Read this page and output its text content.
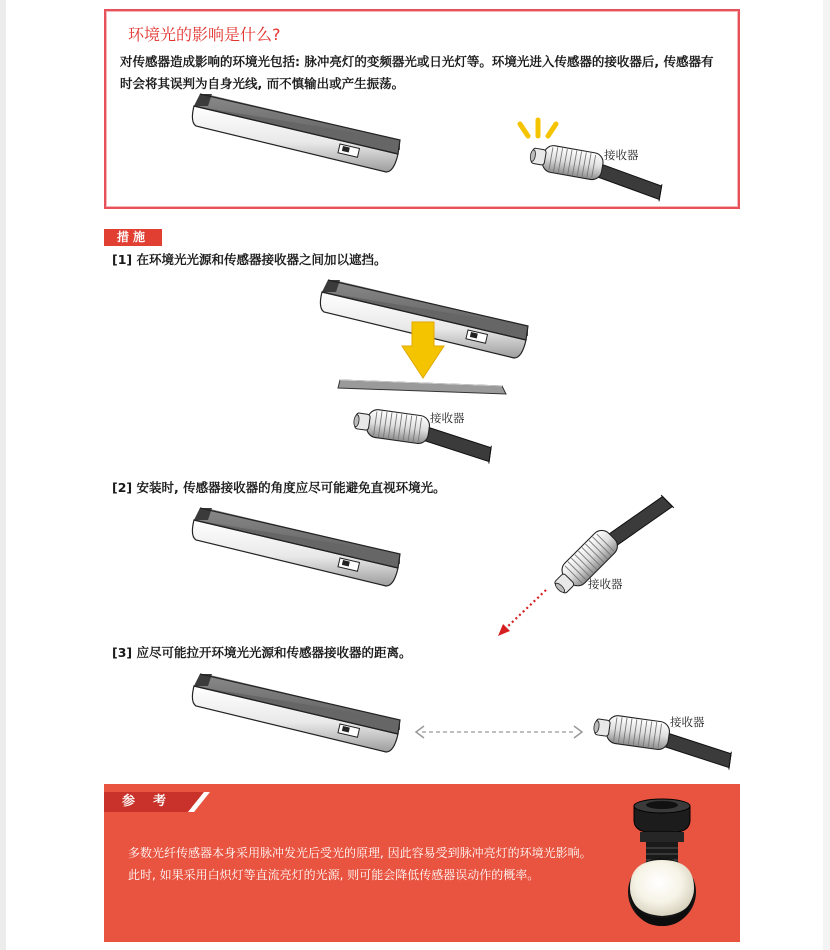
环境光的影响是什么?
对传感器造成影响的环境光包括: 脉冲亮灯的变频器光或日光灯等。环境光进入传感器的接收器后, 传感器有时会将其误判为自身光线, 而不慎输出或产生振荡。
接收器
措施
[1] 在环境光光源和传感器接收器之间加以遮挡。
接收器
[2] 安装时, 传感器接收器的角度应尽可能避免直视环境光。
接收器
[3] 应尽可能拉开环境光光源和传感器接收器的距离。
接收器
参考
多数光纤传感器本身采用脉冲发光后受光的原理, 因此容易受到脉冲亮灯的环境光影响。此时, 如果采用白炽灯等直流亮灯的光源, 则可能会降低传感器误动作的概率。
